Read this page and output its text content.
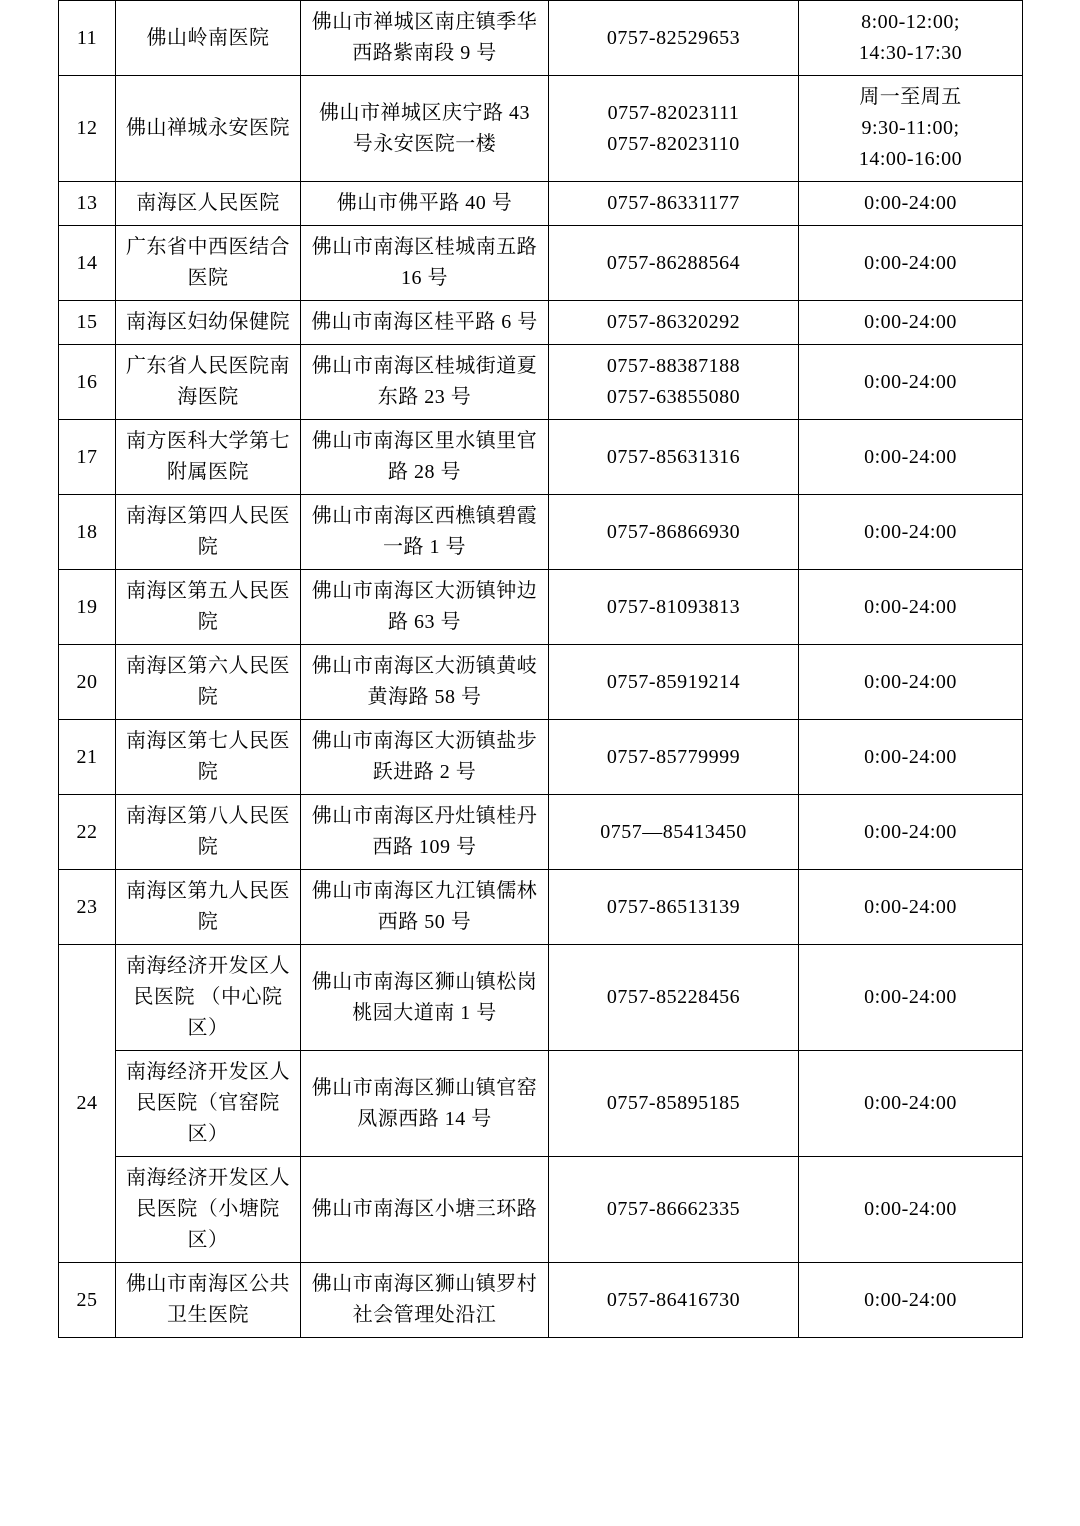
11	佛山岭南医院	佛山市禅城区南庄镇季华西路紫南段 9 号	0757-82529653	8:00-12:00;
14:30-17:30

12	佛山禅城永安医院	佛山市禅城区庆宁路 43 号永安医院一楼	0757-82023111
0757-82023110	周一至周五
9:30-11:00;
14:00-16:00

13	南海区人民医院	佛山市佛平路 40 号	0757-86331177	0:00-24:00

14	广东省中西医结合医院	佛山市南海区桂城南五路 16 号	0757-86288564	0:00-24:00

15	南海区妇幼保健院	佛山市南海区桂平路 6 号	0757-86320292	0:00-24:00

16	广东省人民医院南海医院	佛山市南海区桂城街道夏东路 23 号	0757-88387188
0757-63855080	0:00-24:00

17	南方医科大学第七附属医院	佛山市南海区里水镇里官路 28 号	0757-85631316	0:00-24:00

18	南海区第四人民医院	佛山市南海区西樵镇碧霞一路 1 号	0757-86866930	0:00-24:00

19	南海区第五人民医院	佛山市南海区大沥镇钟边路 63 号	0757-81093813	0:00-24:00

20	南海区第六人民医院	佛山市南海区大沥镇黄岐黄海路 58 号	0757-85919214	0:00-24:00

21	南海区第七人民医院	佛山市南海区大沥镇盐步跃进路 2 号	0757-85779999	0:00-24:00

22	南海区第八人民医院	佛山市南海区丹灶镇桂丹西路 109 号	0757—85413450	0:00-24:00

23	南海区第九人民医院	佛山市南海区九江镇儒林西路 50 号	0757-86513139	0:00-24:00

24	南海经济开发区人民医院 （中心院区）	佛山市南海区狮山镇松岗桃园大道南 1 号	0757-85228456	0:00-24:00

	南海经济开发区人民医院（官窑院区）	佛山市南海区狮山镇官窑凤源西路 14 号	0757-85895185	0:00-24:00

	南海经济开发区人民医院（小塘院区）	佛山市南海区小塘三环路	0757-86662335	0:00-24:00

25	佛山市南海区公共卫生医院	佛山市南海区狮山镇罗村社会管理处沿江	0757-86416730	0:00-24:00
